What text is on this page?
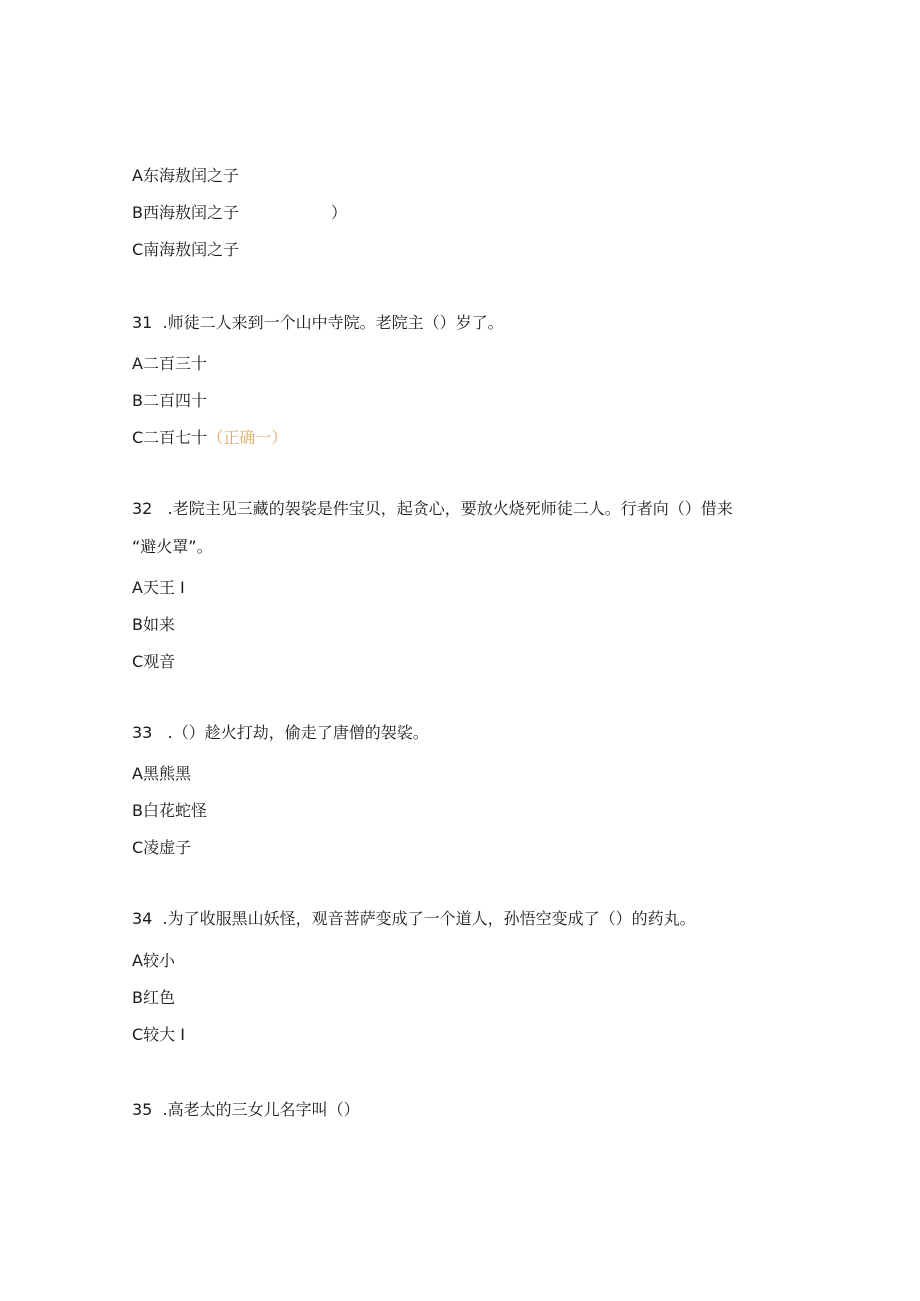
A东海敖闰之子
B西海敖闰之子	）
C南海敖闰之子
31  .师徒二人来到一个山中寺院。老院主（）岁了。
A二百三十
B二百四十
C二百七十（正确一）
32   .老院主见三藏的袈裟是件宝贝，起贪心，要放火烧死师徒二人。行者向（）借来
“避火罩”。
A天王 I
B如来
C观音
33   .（）趁火打劫，偷走了唐僧的袈裟。
A黑熊黑
B白花蛇怪
C凌虚子
34  .为了收服黑山妖怪，观音菩萨变成了一个道人，孙悟空变成了（）的药丸。
A较小
B红色
C较大 I
35  .高老太的三女儿名字叫（）
